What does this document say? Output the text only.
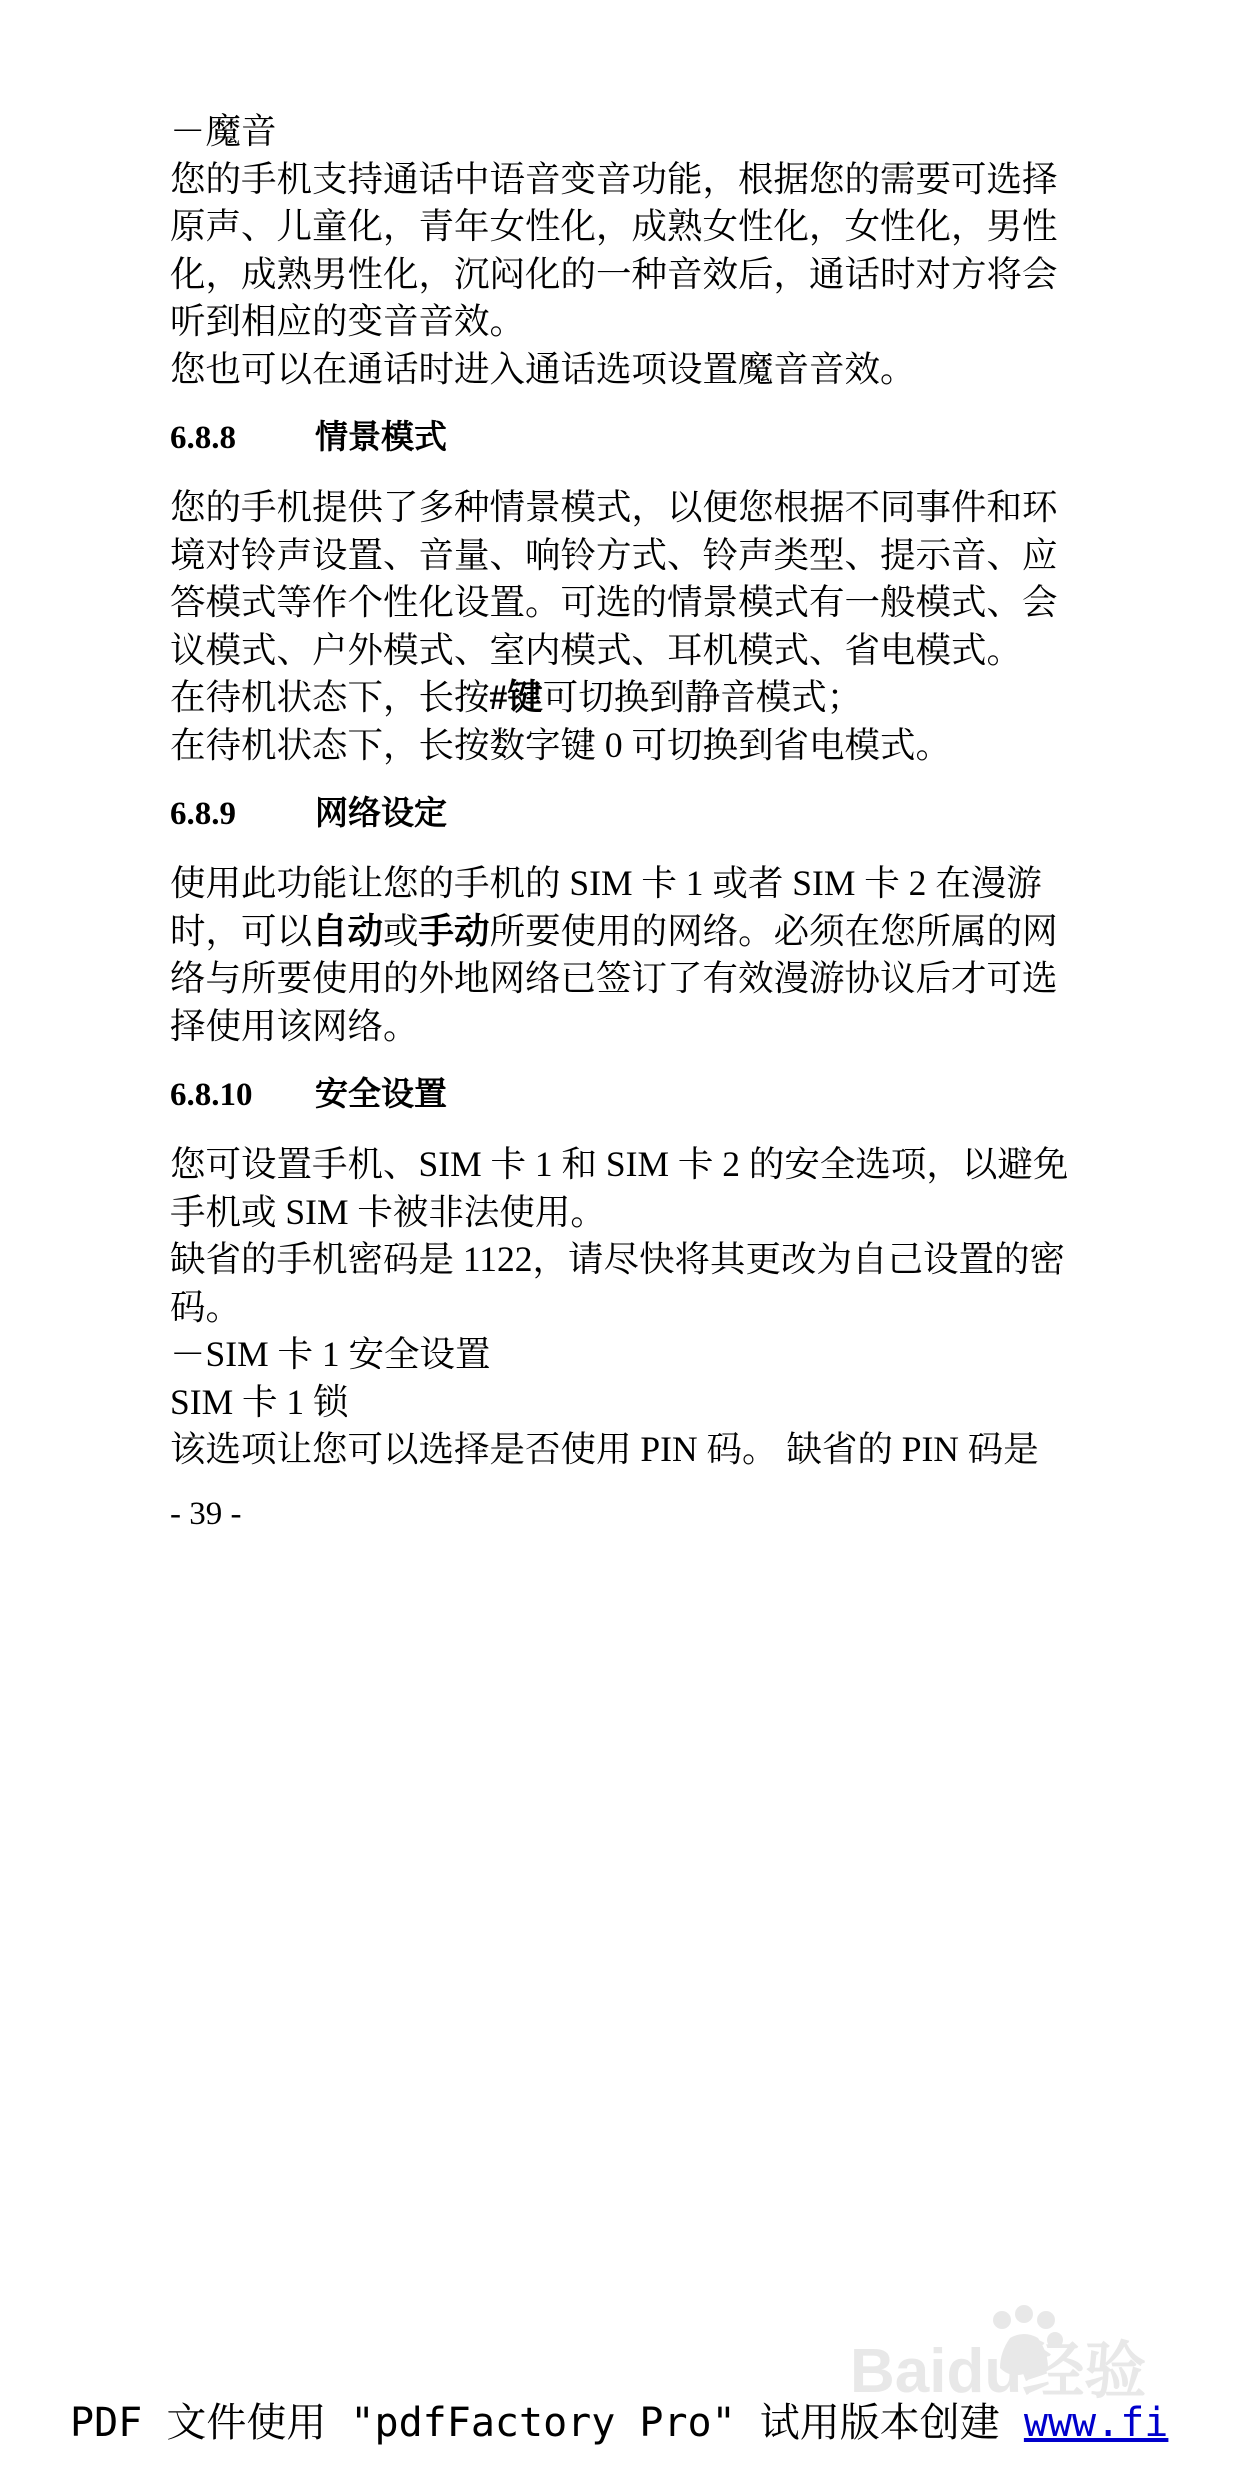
－魔音
您的手机支持通话中语音变音功能，根据您的需要可选择
原声、儿童化，青年女性化，成熟女性化，女性化，男性
化，成熟男性化，沉闷化的一种音效后，通话时对方将会
听到相应的变音音效。
您也可以在通话时进入通话选项设置魔音音效。
6.8.8	情景模式
您的手机提供了多种情景模式，以便您根据不同事件和环
境对铃声设置、音量、响铃方式、铃声类型、提示音、应
答模式等作个性化设置。可选的情景模式有一般模式、会
议模式、户外模式、室内模式、耳机模式、省电模式。
在待机状态下，长按#键可切换到静音模式；
在待机状态下，长按数字键 0 可切换到省电模式。
6.8.9	网络设定
使用此功能让您的手机的 SIM 卡 1 或者 SIM 卡 2 在漫游
时，可以自动或手动所要使用的网络。必须在您所属的网
络与所要使用的外地网络已签订了有效漫游协议后才可选
择使用该网络。
6.8.10	安全设置
您可设置手机、SIM 卡 1 和 SIM 卡 2 的安全选项，以避免
手机或 SIM 卡被非法使用。
缺省的手机密码是 1122，请尽快将其更改为自己设置的密
码。
－SIM 卡 1 安全设置
SIM 卡 1 锁
该选项让您可以选择是否使用 PIN 码。 缺省的 PIN 码是
- 39 -
Baidu经验
PDF 文件使用 "pdfFactory Pro" 试用版本创建 www.fi
